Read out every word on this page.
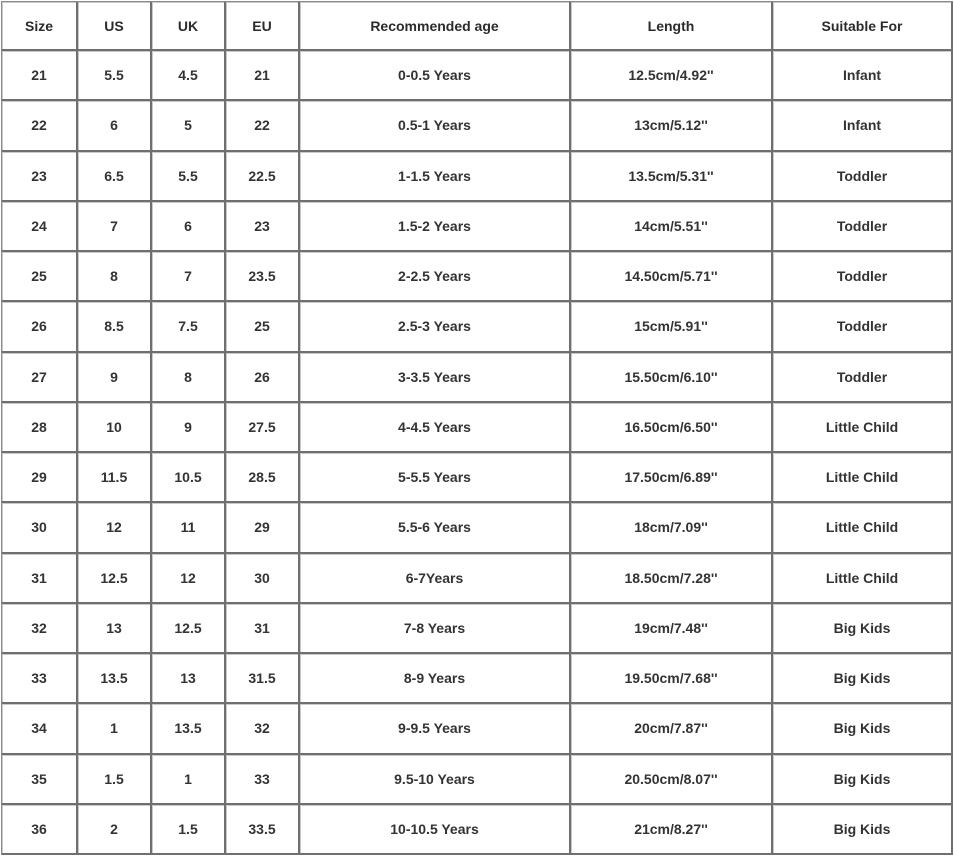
Size	US	UK	EU	Recommended age	Length	Suitable For
21	5.5	4.5	21	0-0.5 Years	12.5cm/4.92''	Infant
22	6	5	22	0.5-1 Years	13cm/5.12''	Infant
23	6.5	5.5	22.5	1-1.5 Years	13.5cm/5.31''	Toddler
24	7	6	23	1.5-2 Years	14cm/5.51''	Toddler
25	8	7	23.5	2-2.5 Years	14.50cm/5.71''	Toddler
26	8.5	7.5	25	2.5-3 Years	15cm/5.91''	Toddler
27	9	8	26	3-3.5 Years	15.50cm/6.10''	Toddler
28	10	9	27.5	4-4.5 Years	16.50cm/6.50''	Little Child
29	11.5	10.5	28.5	5-5.5 Years	17.50cm/6.89''	Little Child
30	12	11	29	5.5-6 Years	18cm/7.09''	Little Child
31	12.5	12	30	6-7Years	18.50cm/7.28''	Little Child
32	13	12.5	31	7-8 Years	19cm/7.48''	Big Kids
33	13.5	13	31.5	8-9 Years	19.50cm/7.68''	Big Kids
34	1	13.5	32	9-9.5 Years	20cm/7.87''	Big Kids
35	1.5	1	33	9.5-10 Years	20.50cm/8.07''	Big Kids
36	2	1.5	33.5	10-10.5 Years	21cm/8.27''	Big Kids
